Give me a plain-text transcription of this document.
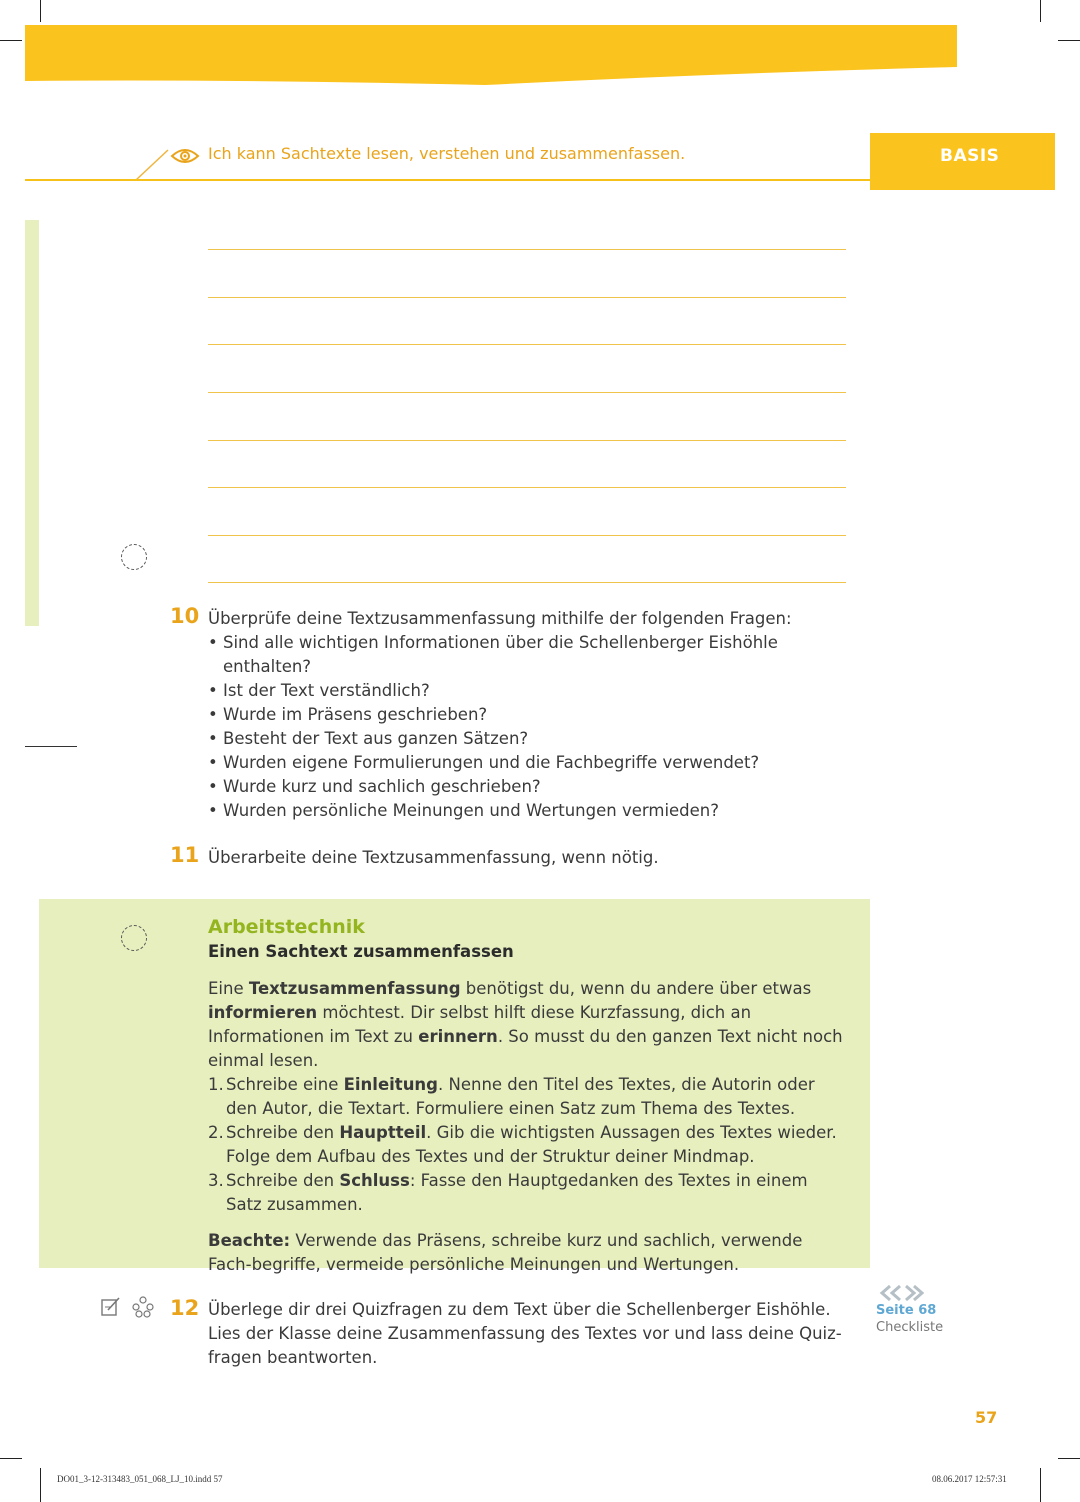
Ich kann Sachtexte lesen, verstehen und zusammenfassen.	BASIS
10 Überprüfe deine Textzusammenfassung mithilfe der folgenden Fragen:
• Sind alle wichtigen Informationen über die Schellenberger Eishöhle
enthalten?
• Ist der Text verständlich?
• Wurde im Präsens geschrieben?
• Besteht der Text aus ganzen Sätzen?
• Wurden eigene Formulierungen und die Fachbegriffe verwendet?
• Wurde kurz und sachlich geschrieben?
• Wurden persönliche Meinungen und Wertungen vermieden?
11 Überarbeite deine Textzusammenfassung, wenn nötig.
Arbeitstechnik
Einen Sachtext zusammenfassen

Eine Textzusammenfassung benötigst du, wenn du andere über etwas informieren möchtest. Dir selbst hilft diese Kurzfassung, dich an Informationen im Text zu erinnern. So musst du den ganzen Text nicht noch einmal lesen.

1. Schreibe eine Einleitung. Nenne den Titel des Textes, die Autorin oder den Autor, die Textart. Formuliere einen Satz zum Thema des Textes.
2. Schreibe den Hauptteil. Gib die wichtigsten Aussagen des Textes wieder. Folge dem Aufbau des Textes und der Struktur deiner Mindmap.
3. Schreibe den Schluss: Fasse den Hauptgedanken des Textes in einem Satz zusammen.

Beachte: Verwende das Präsens, schreibe kurz und sachlich, verwende Fach-begriffe, vermeide persönliche Meinungen und Wertungen.

12 Überlege dir drei Quizfragen zu dem Text über die Schellenberger Eishöhle.
Lies der Klasse deine Zusammenfassung des Textes vor und lass deine Quiz-
fragen beantworten.
Seite 68
Checkliste
57
DO01_3-12-313483_051_068_LJ_10.indd 57	08.06.2017 12:57:31
